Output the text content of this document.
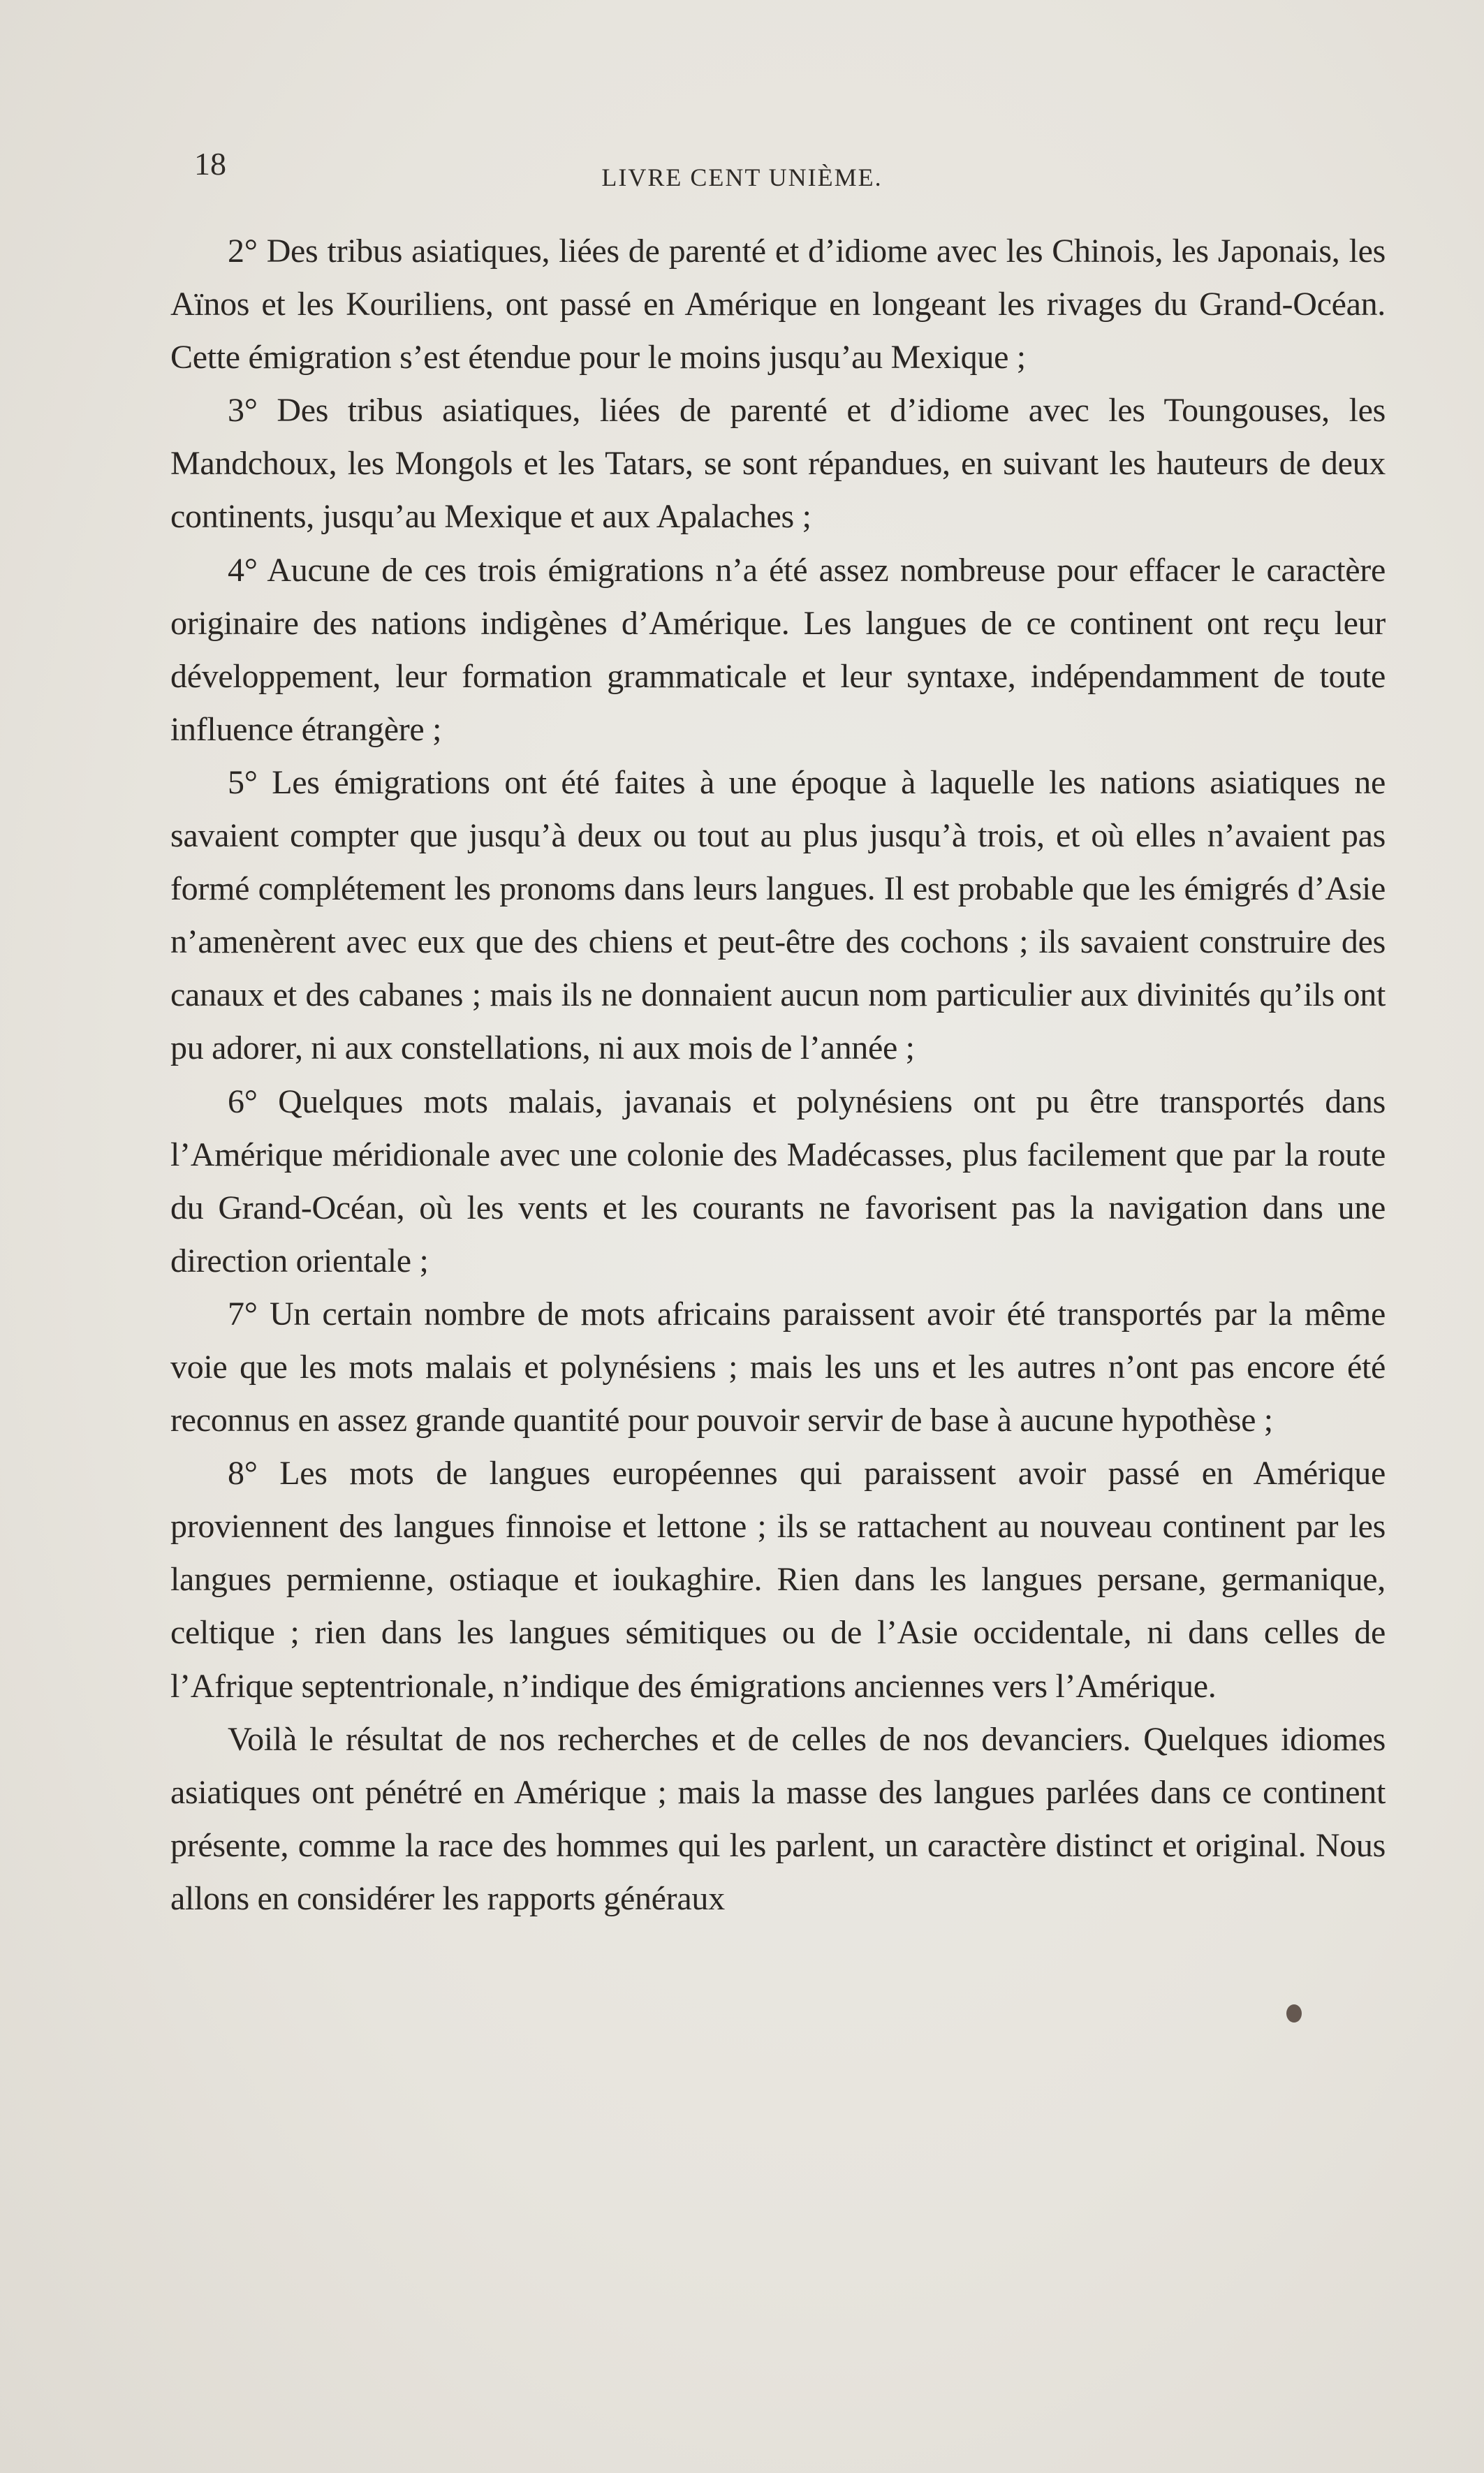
18	LIVRE CENT UNIÈME.

2° Des tribus asiatiques, liées de parenté et d’idiome avec les Chinois, les Japonais, les Aïnos et les Kouriliens, ont passé en Amérique en longeant les rivages du Grand-Océan. Cette émigration s’est étendue pour le moins jusqu’au Mexique ;

3° Des tribus asiatiques, liées de parenté et d’idiome avec les Toungouses, les Mandchoux, les Mongols et les Tatars, se sont répandues, en suivant les hauteurs de deux continents, jusqu’au Mexique et aux Apalaches ;

4° Aucune de ces trois émigrations n’a été assez nombreuse pour effacer le caractère originaire des nations indigènes d’Amérique. Les langues de ce continent ont reçu leur développement, leur formation grammaticale et leur syntaxe, indépendamment de toute influence étrangère ;

5° Les émigrations ont été faites à une époque à laquelle les nations asiatiques ne savaient compter que jusqu’à deux ou tout au plus jusqu’à trois, et où elles n’avaient pas formé complétement les pronoms dans leurs langues. Il est probable que les émigrés d’Asie n’amenèrent avec eux que des chiens et peut-être des cochons ; ils savaient construire des canaux et des cabanes ; mais ils ne donnaient aucun nom particulier aux divinités qu’ils ont pu adorer, ni aux constellations, ni aux mois de l’année ;

6° Quelques mots malais, javanais et polynésiens ont pu être transportés dans l’Amérique méridionale avec une colonie des Madécasses, plus facilement que par la route du Grand-Océan, où les vents et les courants ne favorisent pas la navigation dans une direction orientale ;

7° Un certain nombre de mots africains paraissent avoir été transportés par la même voie que les mots malais et polynésiens ; mais les uns et les autres n’ont pas encore été reconnus en assez grande quantité pour pouvoir servir de base à aucune hypothèse ;

8° Les mots de langues européennes qui paraissent avoir passé en Amérique proviennent des langues finnoise et lettone ; ils se rattachent au nouveau continent par les langues permienne, ostiaque et ioukaghire. Rien dans les langues persane, germanique, celtique ; rien dans les langues sémitiques ou de l’Asie occidentale, ni dans celles de l’Afrique septentrionale, n’indique des émigrations anciennes vers l’Amérique.

Voilà le résultat de nos recherches et de celles de nos devanciers. Quelques idiomes asiatiques ont pénétré en Amérique ; mais la masse des langues parlées dans ce continent présente, comme la race des hommes qui les parlent, un caractère distinct et original. Nous allons en considérer les rapports généraux
